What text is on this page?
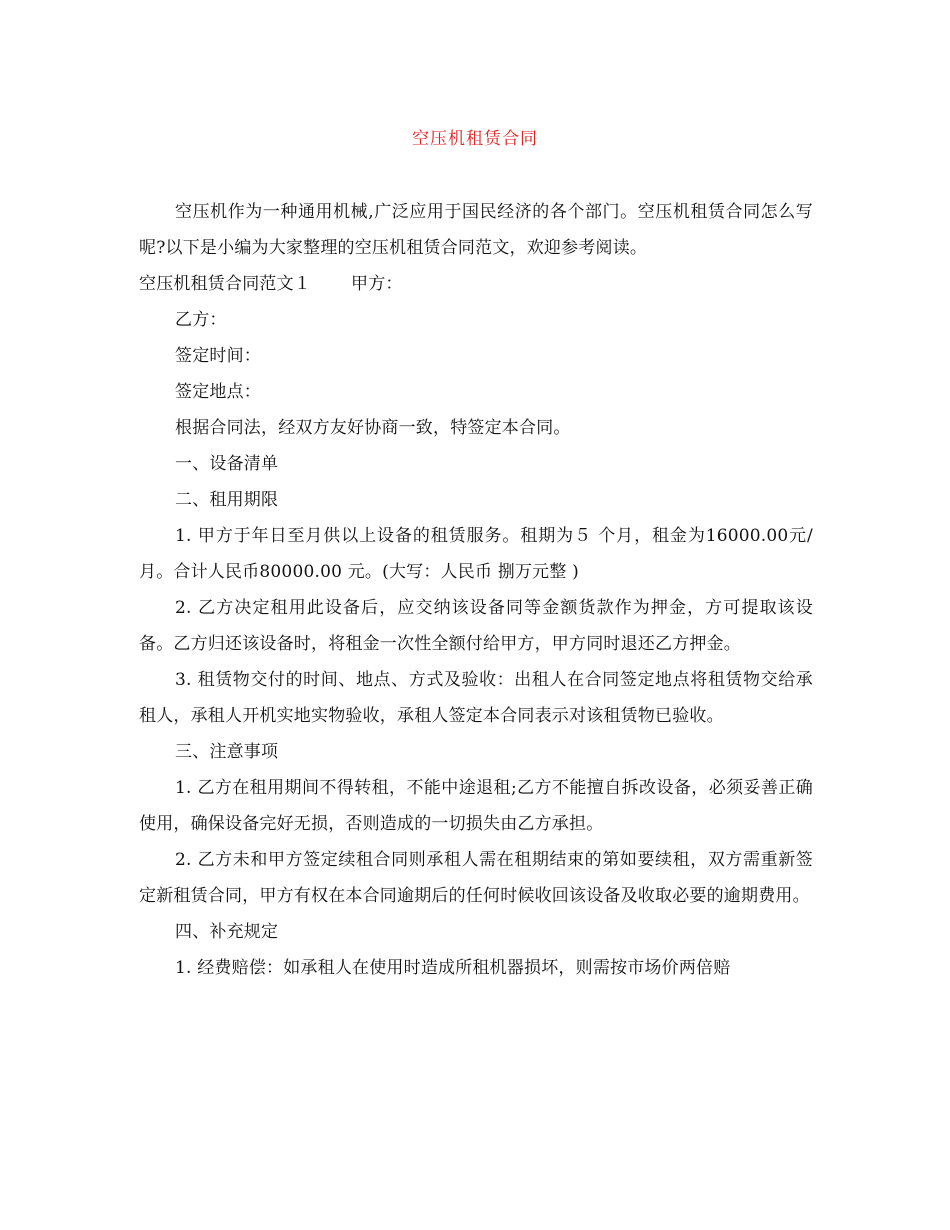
空压机租赁合同

空压机作为一种通用机械,广泛应用于国民经济的各个部门。空压机租赁合同怎么写呢?以下是小编为大家整理的空压机租赁合同范文，欢迎参考阅读。

空压机租赁合同范文１ 甲方：

乙方：

签定时间：

签定地点：

根据合同法，经双方友好协商一致，特签定本合同。

一、设备清单

二、租用期限

1. 甲方于年日至月供以上设备的租赁服务。租期为５ 个月，租金为16000.00元/月。合计人民币80000.00 元。(大写：人民币 捌万元整 )

2. 乙方决定租用此设备后，应交纳该设备同等金额货款作为押金，方可提取该设备。乙方归还该设备时，将租金一次性全额付给甲方，甲方同时退还乙方押金。

3. 租赁物交付的时间、地点、方式及验收：出租人在合同签定地点将租赁物交给承租人，承租人开机实地实物验收，承租人签定本合同表示对该租赁物已验收。

三、注意事项

1. 乙方在租用期间不得转租，不能中途退租;乙方不能擅自拆改设备，必须妥善正确使用，确保设备完好无损，否则造成的一切损失由乙方承担。

2. 乙方未和甲方签定续租合同则承租人需在租期结束的第如要续租，双方需重新签定新租赁合同，甲方有权在本合同逾期后的任何时候收回该设备及收取必要的逾期费用。

四、补充规定

1. 经费赔偿：如承租人在使用时造成所租机器损坏，则需按市场价两倍赔
